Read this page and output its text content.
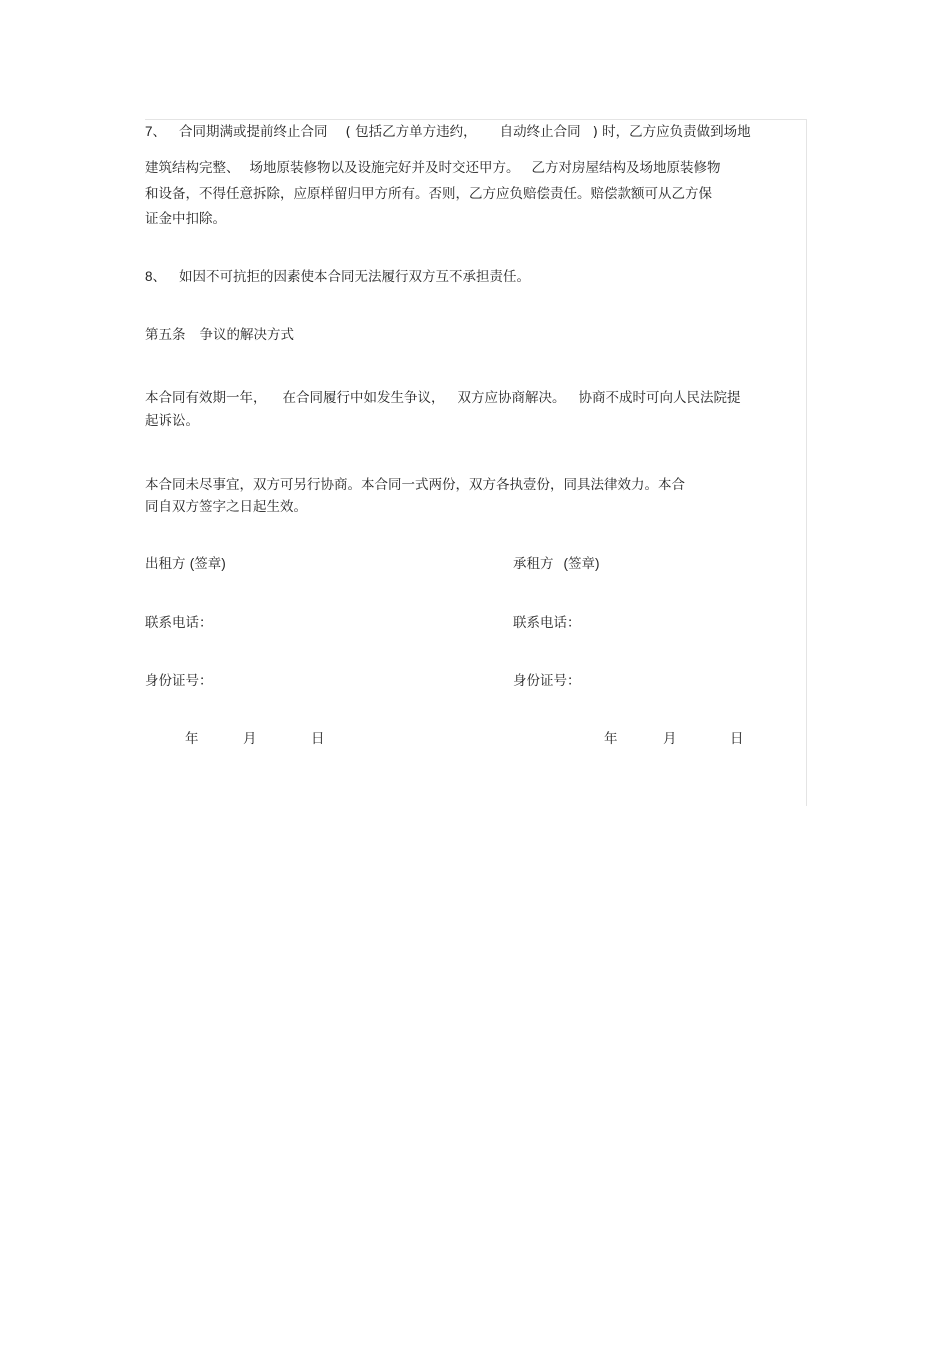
7、 合同期满或提前终止合同 ( 包括乙方单方违约， 自动终止合同 ) 时，乙方应负责做到场地
建筑结构完整、 场地原装修物以及设施完好并及时交还甲方。 乙方对房屋结构及场地原装修物
和设备，不得任意拆除，应原样留归甲方所有。否则，乙方应负赔偿责任。赔偿款额可从乙方保
证金中扣除。
8、 如因不可抗拒的因素使本合同无法履行双方互不承担责任。
第五条 争议的解决方式
本合同有效期一年， 在合同履行中如发生争议， 双方应协商解决。 协商不成时可向人民法院提
起诉讼。
本合同未尽事宜，双方可另行协商。本合同一式两份，双方各执壹份，同具法律效力。本合
同自双方签字之日起生效。
出租方 (签章)	承租方 (签章)
联系电话：	联系电话：
身份证号：	身份证号：
年	月	日	年	月	日
